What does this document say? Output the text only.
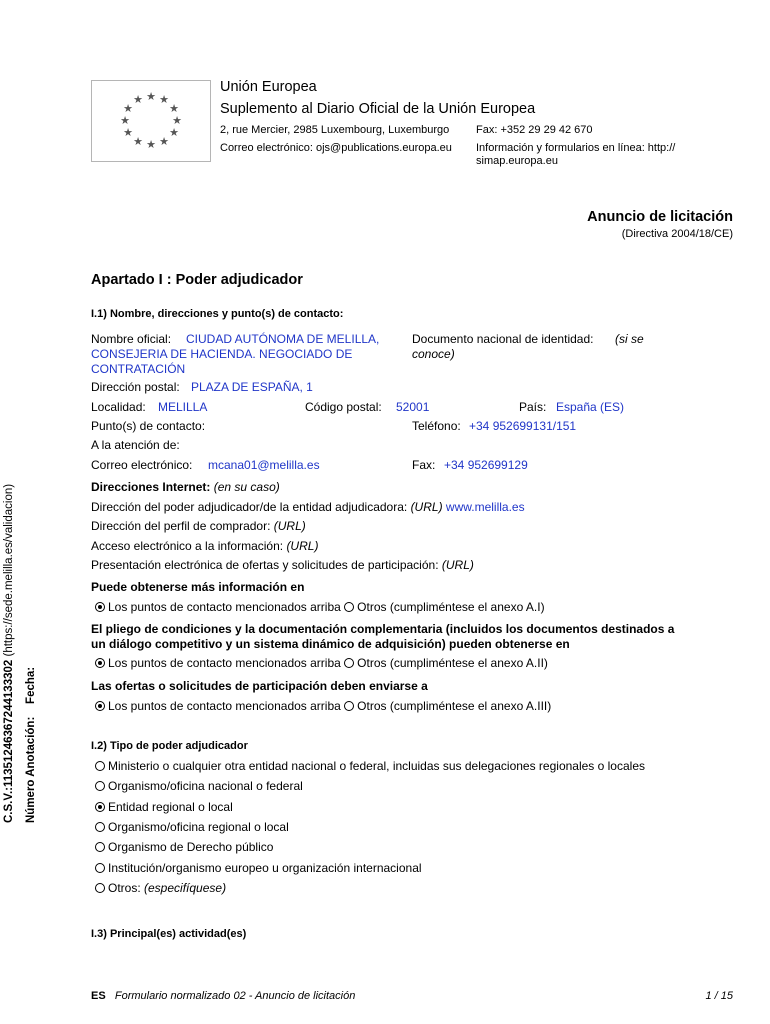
C.S.V.:11351246367244133302 (https://sede.melilla.es/validacion)
Número Anotación:    Fecha:
★ ★
★
★
★
★
★
★
★
★
★
★
Unión Europea
Suplemento al Diario Oficial de la Unión Europea
2, rue Mercier, 2985 Luxembourg, Luxemburgo Fax: +352 29 29 42 670
Correo electrónico: ojs@publications.europa.eu Información y formularios en línea: http://
simap.europa.eu
Anuncio de licitación
(Directiva 2004/18/CE)
Apartado I : Poder adjudicador
I.1) Nombre, direcciones y punto(s) de contacto:
Nombre oficial: CIUDAD AUTÓNOMA DE MELILLA,
CONSEJERIA DE HACIENDA. NEGOCIADO DE
CONTRATACIÓN
Documento nacional de identidad: (si se
conoce)
Dirección postal: PLAZA DE ESPAÑA, 1
Localidad: MELILLA	Código postal: 52001	País: España (ES)
Punto(s) de contacto:	Teléfono: +34 952699131/151
A la atención de:
Correo electrónico: mcana01@melilla.es	Fax: +34 952699129
Direcciones Internet: (en su caso)
Dirección del poder adjudicador/de la entidad adjudicadora: (URL) www.melilla.es
Dirección del perfil de comprador: (URL)
Acceso electrónico a la información: (URL)
Presentación electrónica de ofertas y solicitudes de participación: (URL)
Puede obtenerse más información en
Los puntos de contacto mencionados arriba Otros (cumpliméntese el anexo A.I)
El pliego de condiciones y la documentación complementaria (incluidos los documentos destinados a
un diálogo competitivo y un sistema dinámico de adquisición) pueden obtenerse en
Los puntos de contacto mencionados arriba Otros (cumpliméntese el anexo A.II)
Las ofertas o solicitudes de participación deben enviarse a
Los puntos de contacto mencionados arriba Otros (cumpliméntese el anexo A.III)
I.2) Tipo de poder adjudicador
Ministerio o cualquier otra entidad nacional o federal, incluidas sus delegaciones regionales o locales
Organismo/oficina nacional o federal
Entidad regional o local
Organismo/oficina regional o local
Organismo de Derecho público
Institución/organismo europeo u organización internacional
Otros: (especifíquese)
I.3) Principal(es) actividad(es)
ES Formulario normalizado 02 - Anuncio de licitación	1 / 15
